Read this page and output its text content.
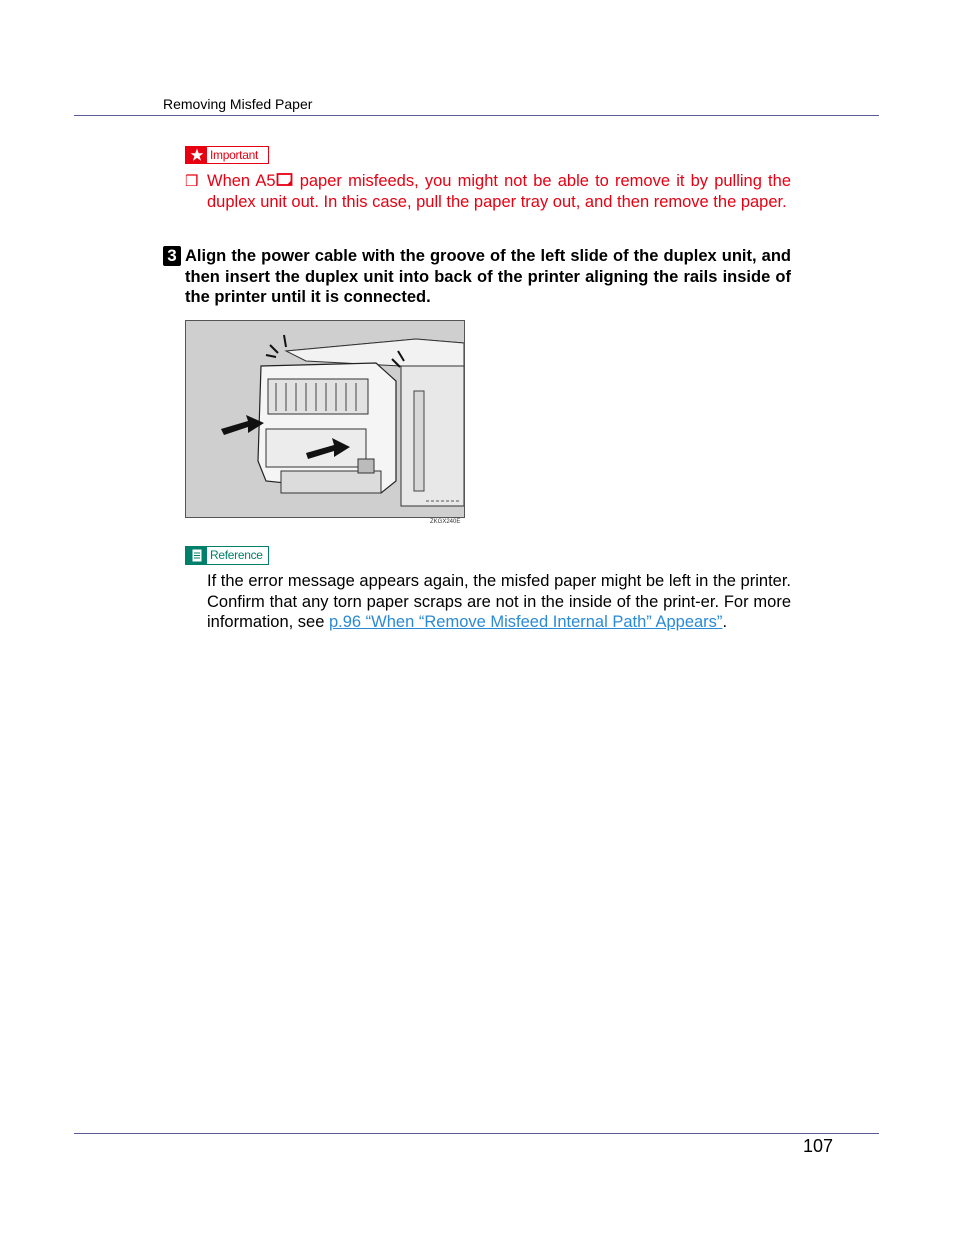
Removing Misfed Paper
Important
❒ When A5 paper misfeeds, you might not be able to remove it by pulling the duplex unit out. In this case, pull the paper tray out, and then remove the paper.
3 Align the power cable with the groove of the left slide of the duplex unit, and then insert the duplex unit into back of the printer aligning the rails inside of the printer until it is connected.
ZKGX240E
Reference
If the error message appears again, the misfed paper might be left in the printer. Confirm that any torn paper scraps are not in the inside of the print-er. For more information, see p.96 “When “Remove Misfeed Internal Path” Appears”.
107
